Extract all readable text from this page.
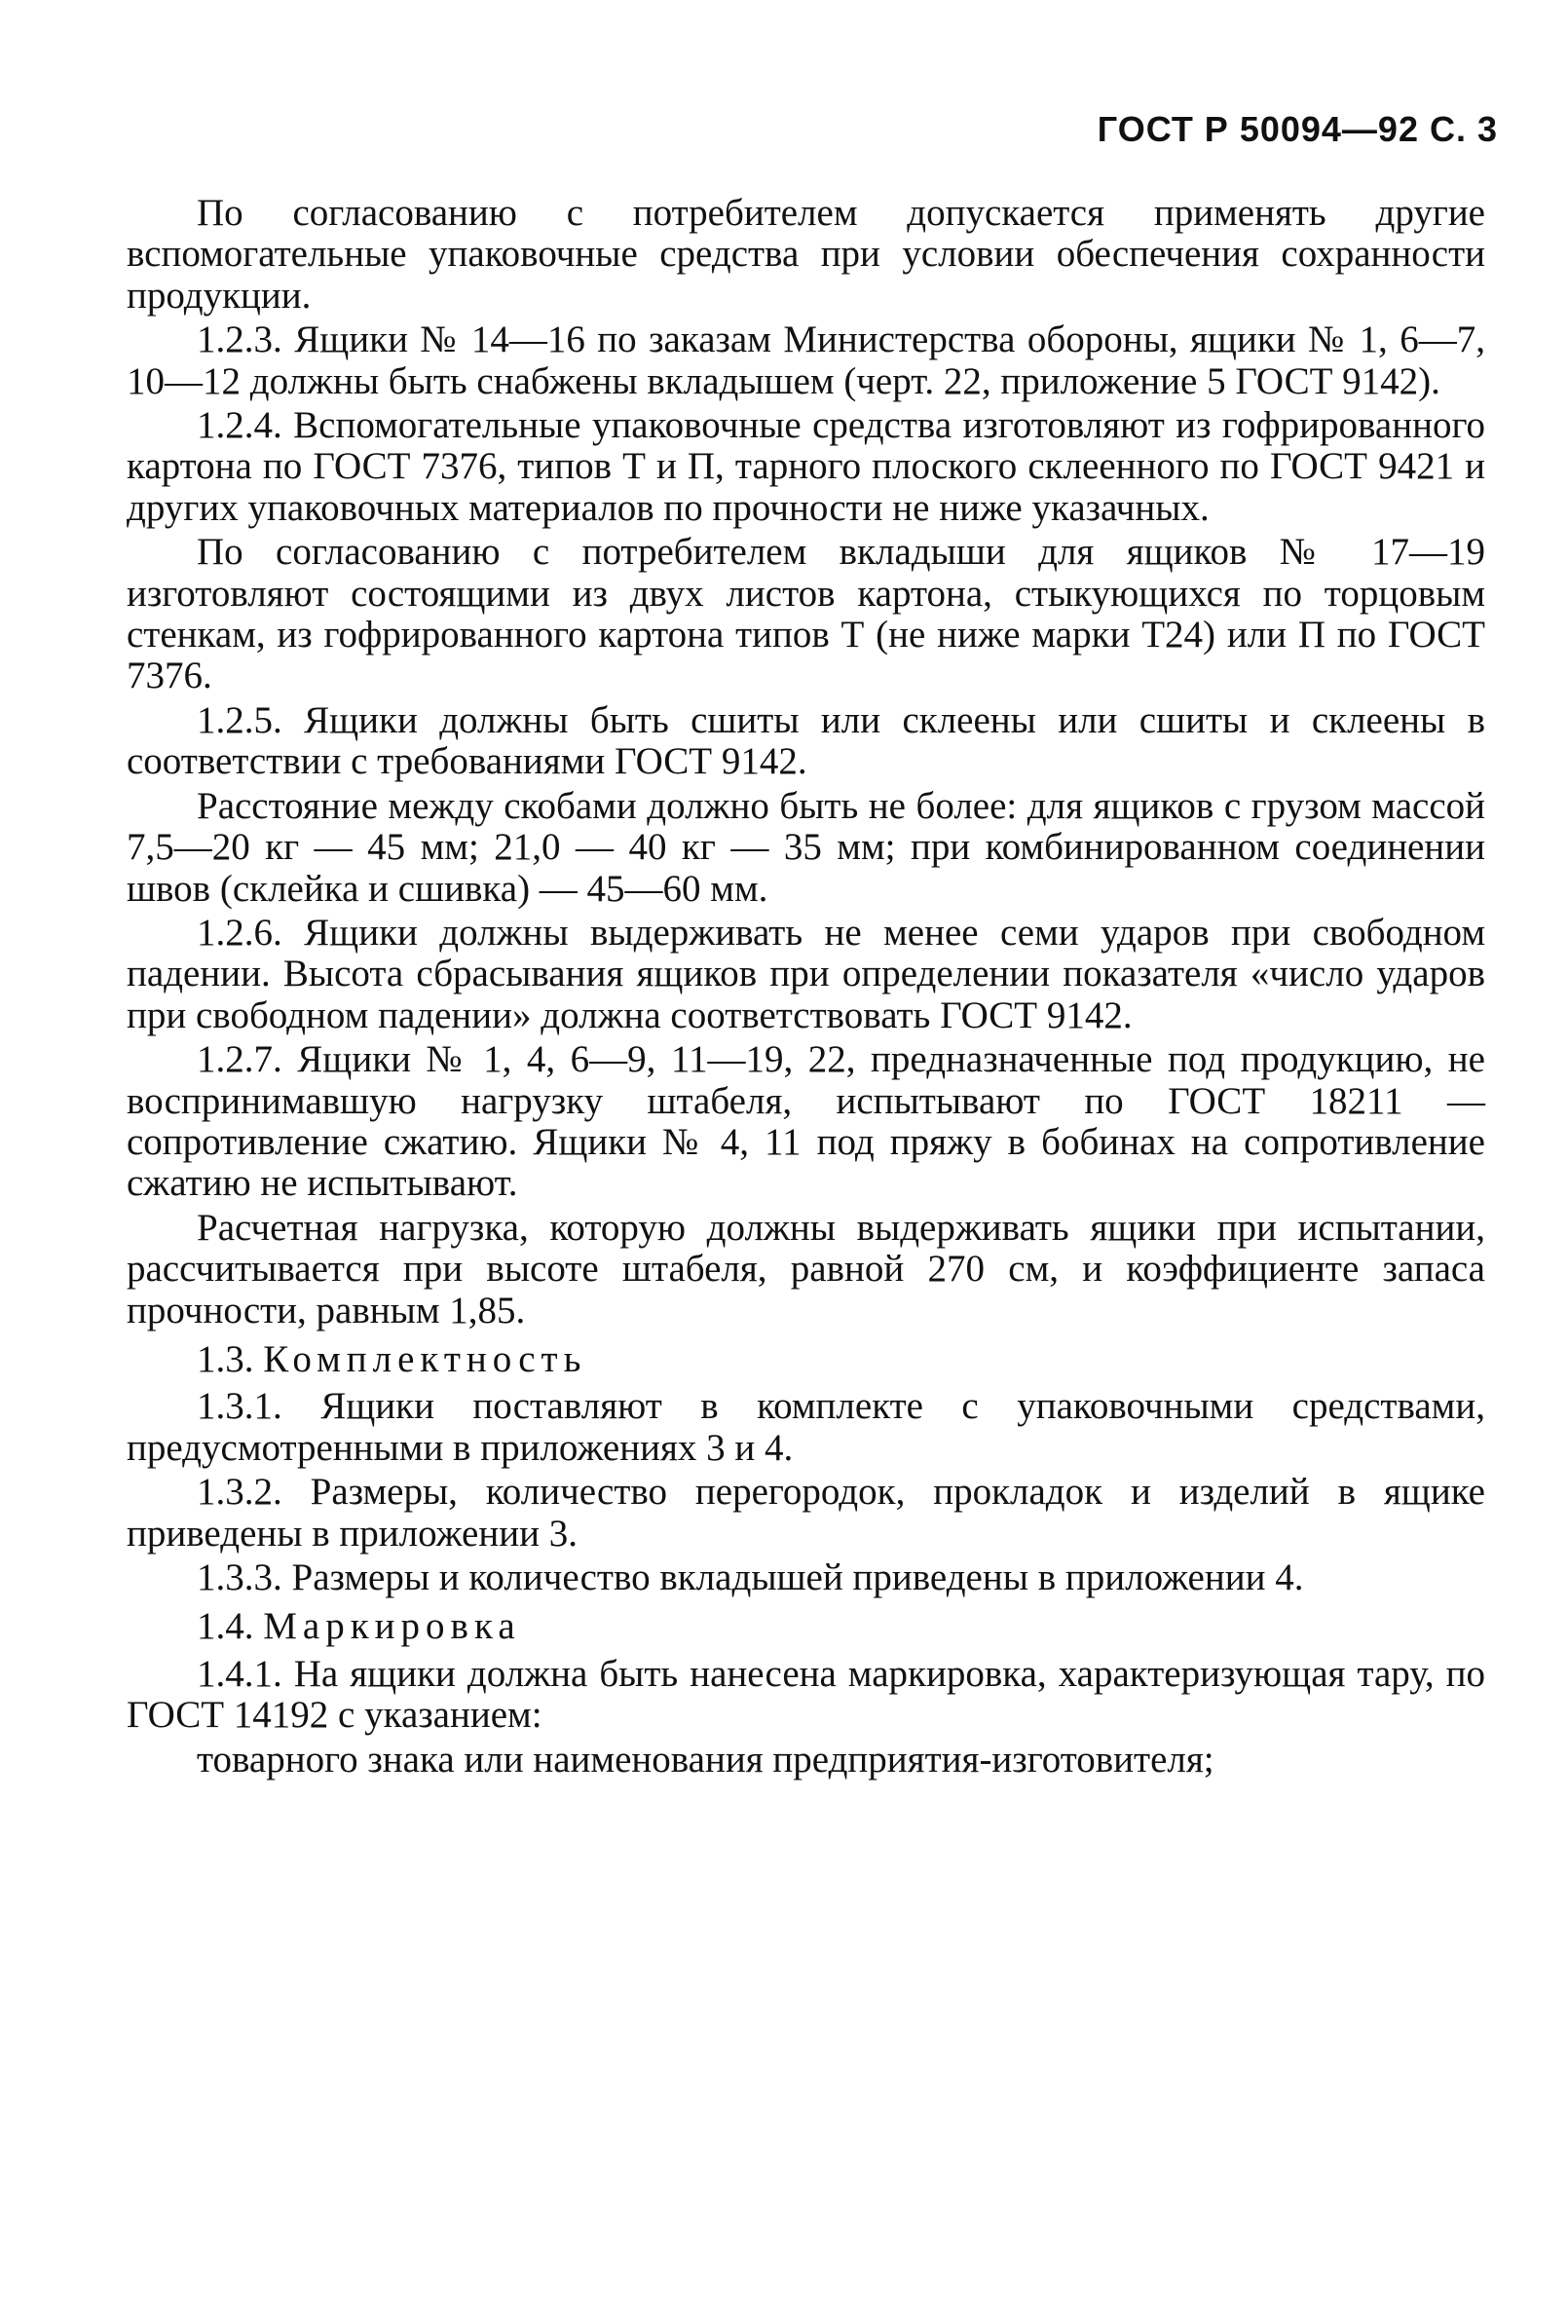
ГОСТ Р 50094—92 С. 3

По согласованию с потребителем допускается применять другие вспомогательные упаковочные средства при условии обеспечения сохранности продукции.

1.2.3. Ящики № 14—16 по заказам Министерства обороны, ящики № 1, 6—7, 10—12 должны быть снабжены вкладышем (черт. 22, приложение 5 ГОСТ 9142).

1.2.4. Вспомогательные упаковочные средства изготовляют из гофрированного картона по ГОСТ 7376, типов Т и П, тарного плоского склеенного по ГОСТ 9421 и других упаковочных материалов по прочности не ниже указачных.

По согласованию с потребителем вкладыши для ящиков № 17—19 изготовляют состоящими из двух листов картона, стыкующихся по торцовым стенкам, из гофрированного картона типов Т (не ниже марки Т24) или П по ГОСТ 7376.

1.2.5. Ящики должны быть сшиты или склеены или сшиты и склеены в соответствии с требованиями ГОСТ 9142.

Расстояние между скобами должно быть не более: для ящиков с грузом массой 7,5—20 кг — 45 мм; 21,0 — 40 кг — 35 мм; при комбинированном соединении швов (склейка и сшивка) — 45—60 мм.

1.2.6. Ящики должны выдерживать не менее семи ударов при свободном падении. Высота сбрасывания ящиков при определении показателя «число ударов при свободном падении» должна соответствовать ГОСТ 9142.

1.2.7. Ящики № 1, 4, 6—9, 11—19, 22, предназначенные под продукцию, не воспринимавшую нагрузку штабеля, испытывают по ГОСТ 18211 — сопротивление сжатию. Ящики № 4, 11 под пряжу в бобинах на сопротивление сжатию не испытывают.

Расчетная нагрузка, которую должны выдерживать ящики при испытании, рассчитывается при высоте штабеля, равной 270 см, и коэффициенте запаса прочности, равным 1,85.

1.3. Комплектность

1.3.1. Ящики поставляют в комплекте с упаковочными средствами, предусмотренными в приложениях 3 и 4.

1.3.2. Размеры, количество перегородок, прокладок и изделий в ящике приведены в приложении 3.

1.3.3. Размеры и количество вкладышей приведены в приложении 4.

1.4. Маркировка

1.4.1. На ящики должна быть нанесена маркировка, характеризующая тару, по ГОСТ 14192 с указанием:

товарного знака или наименования предприятия-изготовителя;
